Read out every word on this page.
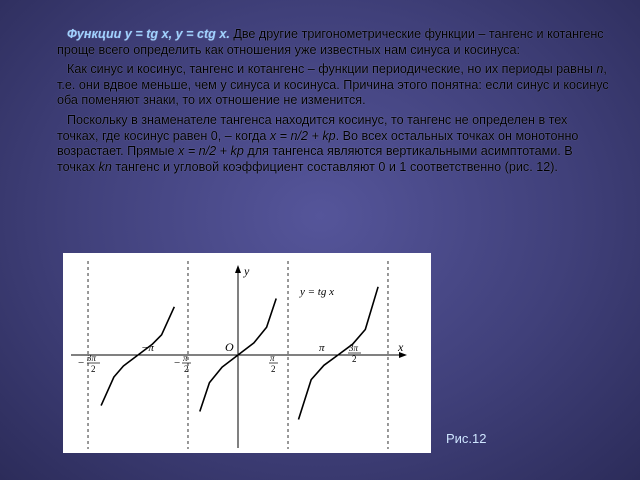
Функции y = tg x, y = ctg x. Две другие тригонометрические функции – тангенс и котангенс проще всего определить как отношения уже известных нам синуса и косинуса:

Как синус и косинус, тангенс и котангенс – функции периодические, но их периоды равны n, т.е. они вдвое меньше, чем у синуса и косинуса. Причина этого понятна: если синус и косинус оба поменяют знаки, то их отношение не изменится.

Поскольку в знаменателе тангенса находится косинус, то тангенс не определен в тех точках, где косинус равен 0, – когда x = n/2 + kp. Во всех остальных точках он монотонно возрастает. Прямые x = n/2 + kp для тангенса являются вертикальными асимптотами. В точках kn тангенс и угловой коэффициент составляют 0 и 1 соответственно (рис. 12).

y
x
y = tg x
O
−π	π
− 3π
2	− π
2
π
2
3π
2
Рис.12
